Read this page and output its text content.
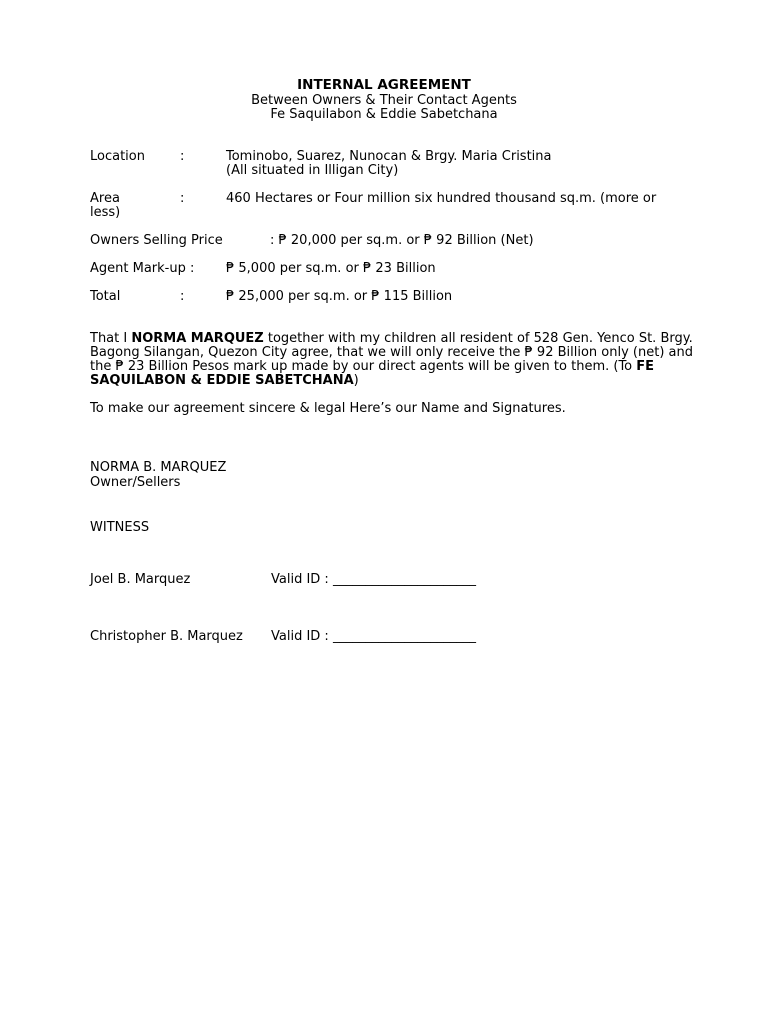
INTERNAL AGREEMENT
Between Owners & Their Contact Agents
Fe Saquilabon & Eddie Sabetchana
Location	:	Tominobo, Suarez, Nunocan & Brgy. Maria Cristina
(All situated in Illigan City)
Area	:	460 Hectares or Four million six hundred thousand sq.m. (more or
less)
Owners Selling Price	: ₱ 20,000 per sq.m. or ₱ 92 Billion (Net)
Agent Mark-up : ₱ 5,000 per sq.m. or ₱ 23 Billion
Total	:	₱ 25,000 per sq.m. or ₱ 115 Billion
That I NORMA MARQUEZ together with my children all resident of 528 Gen. Yenco St. Brgy. Bagong Silangan, Quezon City agree, that we will only receive the ₱ 92 Billion only (net) and the ₱ 23 Billion Pesos mark up made by our direct agents will be given to them. (To FE SAQUILABON & EDDIE SABETCHANA)
To make our agreement sincere & legal Here’s our Name and Signatures.
NORMA B. MARQUEZ
Owner/Sellers
WITNESS
Joel B. Marquez	Valid ID : ______________________
Christopher B. Marquez Valid ID : ______________________
